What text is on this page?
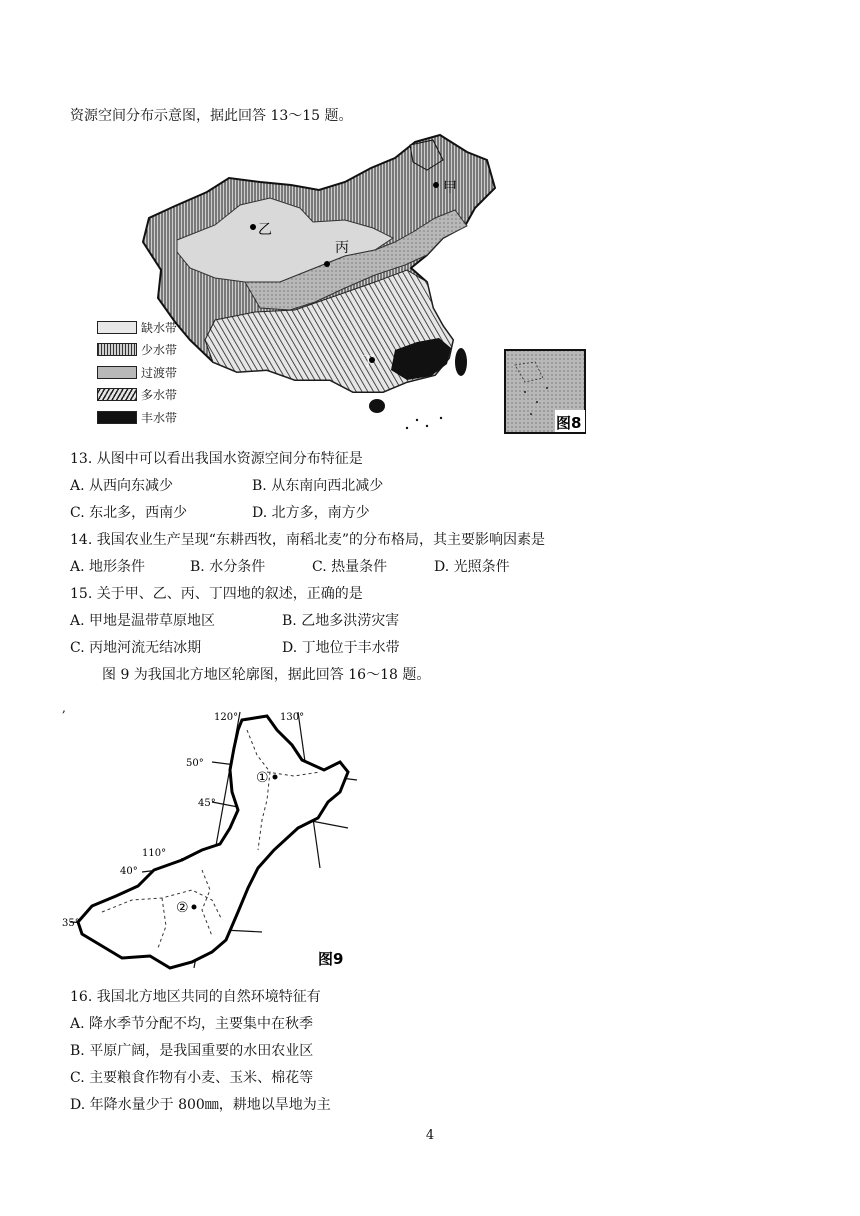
资源空间分布示意图，据此回答 13～15 题。
甲
乙
丙
丁
图8
缺水带
少水带
过渡带
多水带
丰水带
13. 从图中可以看出我国水资源空间分布特征是
A. 从西向东减少	B. 从东南向西北减少
C. 东北多，西南少	D. 北方多，南方少
14. 我国农业生产呈现“东耕西牧，南稻北麦”的分布格局，其主要影响因素是
A. 地形条件	B. 水分条件	C. 热量条件	D. 光照条件
15. 关于甲、乙、丙、丁四地的叙述，正确的是
A. 甲地是温带草原地区	B. 乙地多洪涝灾害
C. 丙地河流无结冰期	D. 丁地位于丰水带
图 9 为我国北方地区轮廓图，据此回答 16～18 题。
120°	130°
110°
50°
45°
40°
35°
①
②
,
图9
16. 我国北方地区共同的自然环境特征有
A. 降水季节分配不均，主要集中在秋季
B. 平原广阔，是我国重要的水田农业区
C. 主要粮食作物有小麦、玉米、棉花等
D. 年降水量少于 800㎜，耕地以旱地为主
4
